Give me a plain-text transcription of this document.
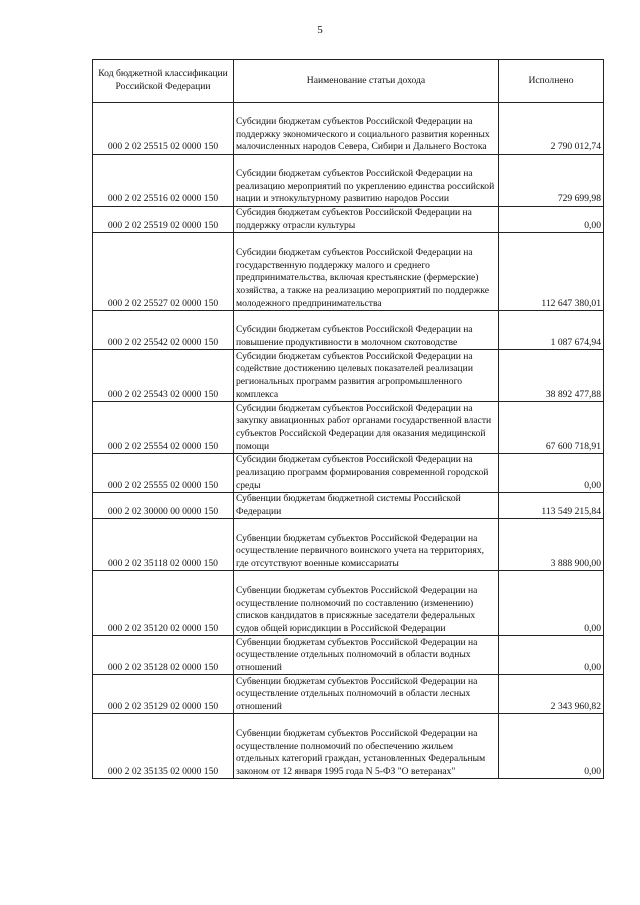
5
Код бюджетной классификации Российской Федерации	Наименование статьи дохода	Исполнено
000 2 02 25515 02 0000 150	Субсидии бюджетам субъектов Российской Федерации на поддержку экономического и социального развития коренных малочисленных народов Севера, Сибири и Дальнего Востока	2 790 012,74
000 2 02 25516 02 0000 150	Субсидии бюджетам субъектов Российской Федерации на реализацию мероприятий по укреплению единства российской нации и этнокультурному развитию народов России	729 699,98
000 2 02 25519 02 0000 150	Субсидия бюджетам субъектов Российской Федерации на поддержку отрасли культуры	0,00
000 2 02 25527 02 0000 150	Субсидии бюджетам субъектов Российской Федерации на государственную поддержку малого и среднего предпринимательства, включая крестьянские (фермерские) хозяйства, а также на реализацию мероприятий по поддержке молодежного предпринимательства	112 647 380,01
000 2 02 25542 02 0000 150	Субсидии бюджетам субъектов Российской Федерации на повышение продуктивности в молочном скотоводстве	1 087 674,94
000 2 02 25543 02 0000 150	Субсидии бюджетам субъектов Российской Федерации на содействие достижению целевых показателей реализации региональных программ развития агропромышленного комплекса	38 892 477,88
000 2 02 25554 02 0000 150	Субсидии бюджетам субъектов Российской Федерации на закупку авиационных работ органами государственной власти субъектов Российской Федерации для оказания медицинской помощи	67 600 718,91
000 2 02 25555 02 0000 150	Субсидии бюджетам субъектов Российской Федерации на реализацию программ формирования современной городской среды	0,00
000 2 02 30000 00 0000 150	Субвенции бюджетам бюджетной системы Российской Федерации	113 549 215,84
000 2 02 35118 02 0000 150	Субвенции бюджетам субъектов Российской Федерации на осуществление первичного воинского учета на территориях, где отсутствуют военные комиссариаты	3 888 900,00
000 2 02 35120 02 0000 150	Субвенции бюджетам субъектов Российской Федерации на осуществление полномочий по составлению (изменению) списков кандидатов в присяжные заседатели федеральных судов общей юрисдикции в Российской Федерации	0,00
000 2 02 35128 02 0000 150	Субвенции бюджетам субъектов Российской Федерации на осуществление отдельных полномочий в области водных отношений	0,00
000 2 02 35129 02 0000 150	Субвенции бюджетам субъектов Российской Федерации на осуществление отдельных полномочий в области лесных отношений	2 343 960,82
000 2 02 35135 02 0000 150	Субвенции бюджетам субъектов Российской Федерации на осуществление полномочий по обеспечению жильем отдельных категорий граждан, установленных Федеральным законом от 12 января 1995 года N 5-ФЗ "О ветеранах"	0,00
